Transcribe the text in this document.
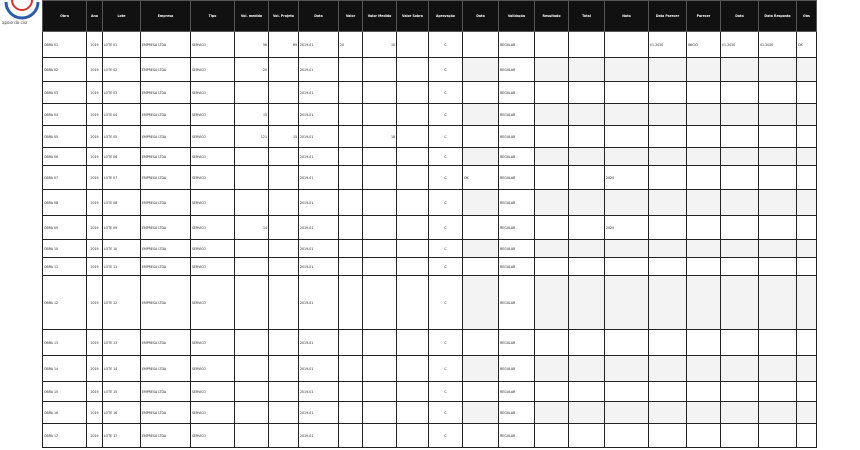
apoio do cisr
Obra	Ano	Lote	Empresa	Tipo	Vol. medido	Vol. Projeto	Data	Valor	Valor Medido	Valor Sobra	Aprovação	Data	Validação	Resultado	Total	Nota	Data Parecer	Parecer	Data	Data Resposta	Obs
OBRA 01	2019	LOTE 01	EMPRESA LTDA	SERVICO	56	69	2019-01	20	10		C		REGULAR				01-2020	INICIO	01-2020	01-2020	OK
OBRA 02	2019	LOTE 02	EMPRESA LTDA	SERVICO	20		2019-01				C		REGULAR								
OBRA 03	2019	LOTE 03	EMPRESA LTDA	SERVICO			2019-01				C		REGULAR								
OBRA 04	2019	LOTE 04	EMPRESA LTDA	SERVICO	15		2019-01				C		REGULAR								
OBRA 05	2019	LOTE 05	EMPRESA LTDA	SERVICO	121	15	2019-01		18		C		REGULAR								
OBRA 06	2019	LOTE 06	EMPRESA LTDA	SERVICO			2019-01				C		REGULAR								
OBRA 07	2019	LOTE 07	EMPRESA LTDA	SERVICO			2019-01				C	OK	REGULAR			2020					
OBRA 08	2019	LOTE 08	EMPRESA LTDA	SERVICO			2019-01				C		REGULAR								
OBRA 09	2019	LOTE 09	EMPRESA LTDA	SERVICO	14		2019-01				C		REGULAR			2020					
OBRA 10	2019	LOTE 10	EMPRESA LTDA	SERVICO			2019-01				C		REGULAR								
OBRA 11	2019	LOTE 11	EMPRESA LTDA	SERVICO			2019-01				C		REGULAR								
OBRA 12	2019	LOTE 12	EMPRESA LTDA	SERVICO			2019-01				C		REGULAR								
OBRA 13	2019	LOTE 13	EMPRESA LTDA	SERVICO			2019-01				C		REGULAR								
OBRA 14	2019	LOTE 14	EMPRESA LTDA	SERVICO			2019-01				C		REGULAR								
OBRA 15	2019	LOTE 15	EMPRESA LTDA	SERVICO			2019-01				C		REGULAR								
OBRA 16	2019	LOTE 16	EMPRESA LTDA	SERVICO			2019-01				C		REGULAR								
OBRA 17	2019	LOTE 17	EMPRESA LTDA	SERVICO			2019-01				C		REGULAR								
